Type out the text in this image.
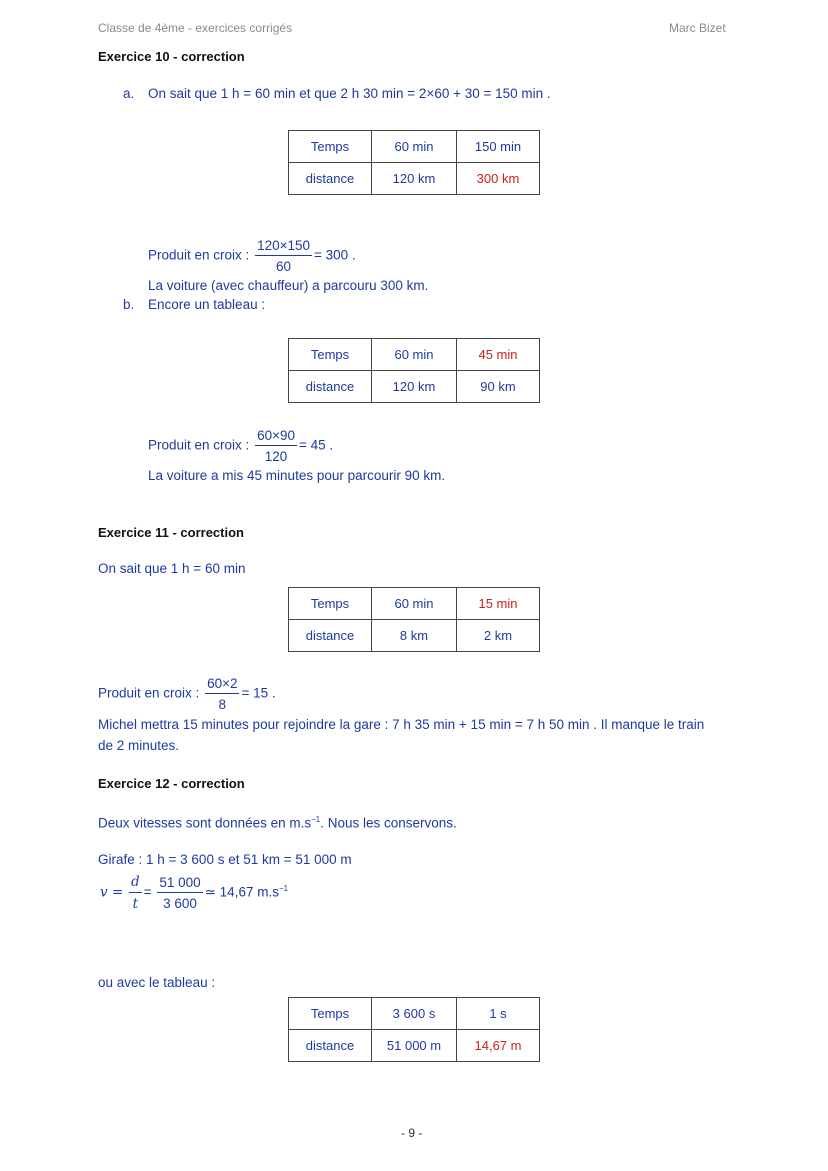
Classe de 4ème - exercices corrigés	Marc Bizet
Exercice 10 - correction
a. On sait que 1 h = 60 min et que 2 h 30 min = 2×60 + 30 = 150 min .
Temps	60 min	150 min
distance	120 km	300 km
Produit en croix : $\frac{120\times 150}{60} = 300$ .
La voiture (avec chauffeur) a parcouru 300 km.
b. Encore un tableau :
Temps	60 min	45 min
distance	120 km	90 km
Produit en croix : $\frac{60\times 90}{120} = 45$ .
La voiture a mis 45 minutes pour parcourir 90 km.
Exercice 11 - correction
On sait que 1 h = 60 min
Temps	60 min	15 min
distance	8 km	2 km
Produit en croix : $\frac{60\times 2}{8} = 15$ .
Michel mettra 15 minutes pour rejoindre la gare : 7 h 35 min + 15 min = 7 h 50 min . Il manque le train
de 2 minutes.
Exercice 12 - correction
Deux vitesses sont données en $m.s^{-1}$. Nous les conservons.
Girafe : 1 h = 3 600 s et 51 km = 51 000 m
$v = \frac{d}{t} = \frac{51 000}{3 600}$ ≃ 14,67 $m.s^{-1}$
ou avec le tableau :
Temps	3 600 s	1 s
distance	51 000 m	14,67 m
- 9 -
